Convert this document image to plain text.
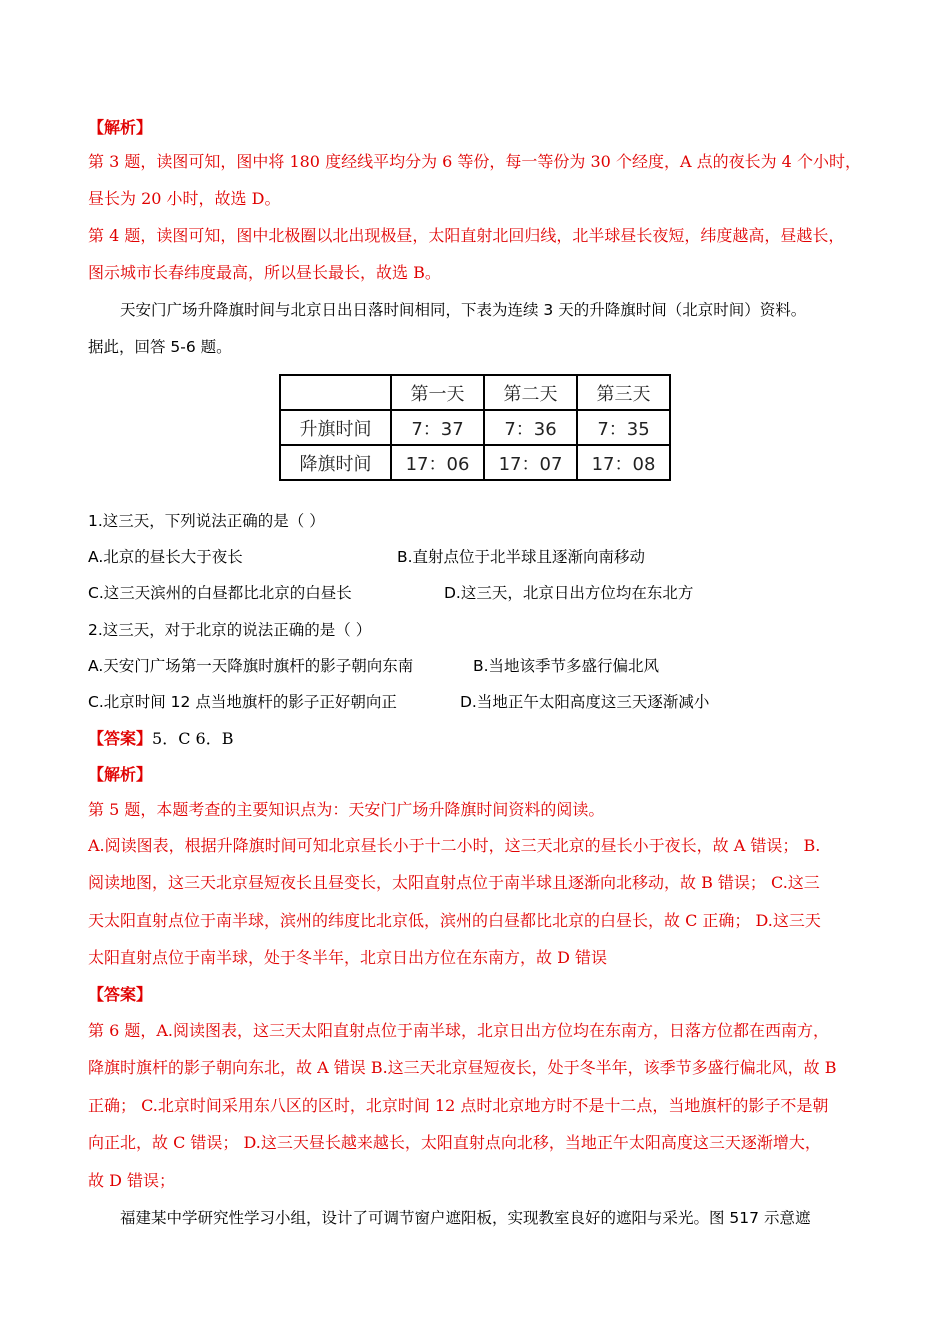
【解析】
第 3 题，读图可知，图中将 180 度经线平均分为 6 等份，每一等份为 30 个经度，A 点的夜长为 4 个小时，
昼长为 20 小时，故选 D。
第 4 题，读图可知，图中北极圈以北出现极昼，太阳直射北回归线，北半球昼长夜短，纬度越高，昼越长，
图示城市长春纬度最高，所以昼长最长，故选 B。
天安门广场升降旗时间与北京日出日落时间相同，下表为连续 3 天的升降旗时间（北京时间）资料。
据此，回答 5-6 题。
	第一天	第二天	第三天
升旗时间	7：37	7：36	7：35
降旗时间	17：06	17：07	17：08
1.这三天，下列说法正确的是（ ）
A.北京的昼长大于夜长	B.直射点位于北半球且逐渐向南移动
C.这三天滨州的白昼都比北京的白昼长	D.这三天，北京日出方位均在东北方
2.这三天，对于北京的说法正确的是（ ）
A.天安门广场第一天降旗时旗杆的影子朝向东南	B.当地该季节多盛行偏北风
C.北京时间 12 点当地旗杆的影子正好朝向正	D.当地正午太阳高度这三天逐渐减小
【答案】5．C 6．B
【解析】
第 5 题，本题考查的主要知识点为：天安门广场升降旗时间资料的阅读。
A.阅读图表，根据升降旗时间可知北京昼长小于十二小时，这三天北京的昼长小于夜长，故 A 错误； B.
阅读地图，这三天北京昼短夜长且昼变长，太阳直射点位于南半球且逐渐向北移动，故 B 错误； C.这三
天太阳直射点位于南半球，滨州的纬度比北京低，滨州的白昼都比北京的白昼长，故 C 正确； D.这三天
太阳直射点位于南半球，处于冬半年，北京日出方位在东南方，故 D 错误
【答案】
第 6 题，A.阅读图表，这三天太阳直射点位于南半球，北京日出方位均在东南方，日落方位都在西南方，
降旗时旗杆的影子朝向东北，故 A 错误 B.这三天北京昼短夜长，处于冬半年，该季节多盛行偏北风，故 B
正确； C.北京时间采用东八区的区时，北京时间 12 点时北京地方时不是十二点，当地旗杆的影子不是朝
向正北，故 C 错误； D.这三天昼长越来越长，太阳直射点向北移，当地正午太阳高度这三天逐渐增大，
故 D 错误；
福建某中学研究性学习小组，设计了可调节窗户遮阳板，实现教室良好的遮阳与采光。图 517 示意遮
